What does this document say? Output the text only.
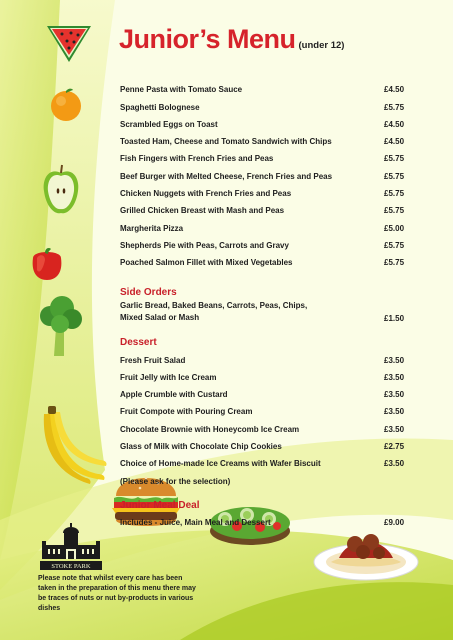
STOKE PARK
Junior’s Menu (under 12)
Penne Pasta with Tomato Sauce	£4.50
Spaghetti Bolognese	£5.75
Scrambled Eggs on Toast	£4.50
Toasted Ham, Cheese and Tomato Sandwich with Chips	£4.50
Fish Fingers with French Fries and Peas	£5.75
Beef Burger with Melted Cheese, French Fries and Peas	£5.75
Chicken Nuggets with French Fries and Peas	£5.75
Grilled Chicken Breast with Mash and Peas	£5.75
Margherita Pizza	£5.00
Shepherds Pie with Peas, Carrots and Gravy	£5.75
Poached Salmon Fillet with Mixed Vegetables	£5.75
Side Orders
Garlic Bread, Baked Beans, Carrots, Peas, Chips, Mixed Salad or Mash	£1.50
Dessert
Fresh Fruit Salad	£3.50
Fruit Jelly with Ice Cream	£3.50
Apple Crumble with Custard	£3.50
Fruit Compote with Pouring Cream	£3.50
Chocolate Brownie with Honeycomb Ice Cream	£3.50
Glass of Milk with Chocolate Chip Cookies	£2.75
Choice of Home-made Ice Creams with Wafer Biscuit	£3.50
(Please ask for the selection)
Junior Meal Deal
Includes - Juice, Main Meal and Dessert	£9.00
Please note that whilst every care has been taken in the preparation of this menu there may be traces of nuts or nut by-products in various dishes
